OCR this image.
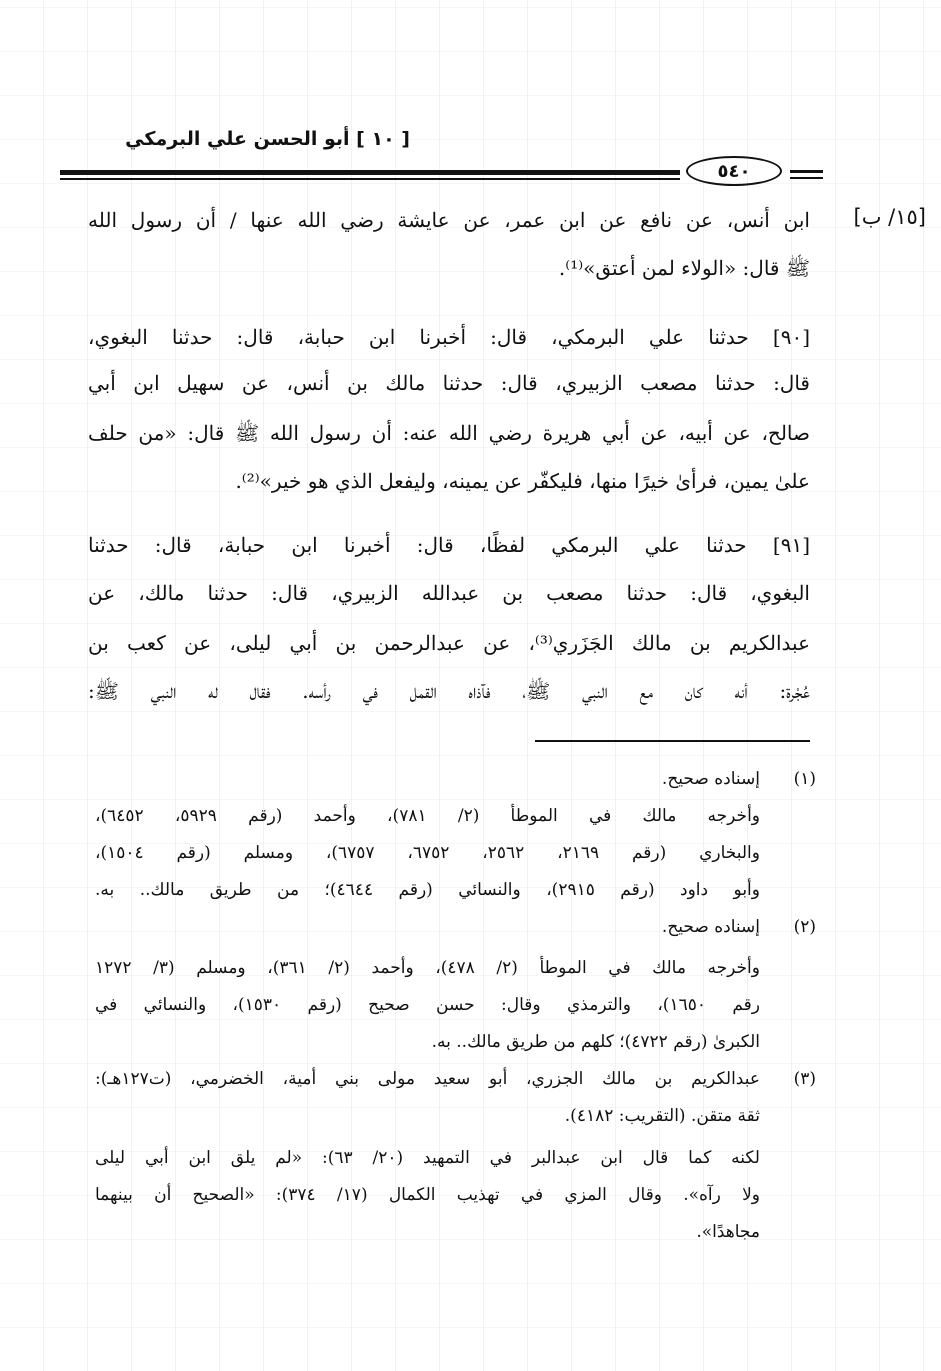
[ ١٠ ] أبو الحسن علي البرمكي
٥٤٠
[١٥/ ب]
ابن أنس، عن نافع عن ابن عمر، عن عايشة رضي الله عنها / أن رسول الله
ﷺ قال: «الولاء لمن أعتق»⁽¹⁾.
[٩٠] حدثنا علي البرمكي، قال: أخبرنا ابن حبابة، قال: حدثنا البغوي،
قال: حدثنا مصعب الزبيري، قال: حدثنا مالك بن أنس، عن سهيل ابن أبي
صالح، عن أبيه، عن أبي هريرة رضي الله عنه: أن رسول الله ﷺ قال: «من حلف
علىٰ يمين، فرأىٰ خيرًا منها، فليكفّر عن يمينه، وليفعل الذي هو خير»⁽²⁾.
[٩١] حدثنا علي البرمكي لفظًا، قال: أخبرنا ابن حبابة، قال: حدثنا
البغوي، قال: حدثنا مصعب بن عبدالله الزبيري، قال: حدثنا مالك، عن
عبدالكريم بن مالك الجَزَري⁽³⁾، عن عبدالرحمن بن أبي ليلى، عن كعب بن
عُجْرة: أنه كان مع النبي ﷺ، فآذاه القمل في رأسه. فقال له النبي ﷺ:
(١)
إسناده صحيح.
وأخرجه مالك في الموطأ (٢/ ٧٨١)، وأحمد (رقم ٥٩٢٩، ٦٤٥٢)،
والبخاري (رقم ٢١٦٩، ٢٥٦٢، ٦٧٥٢، ٦٧٥٧)، ومسلم (رقم ١٥٠٤)،
وأبو داود (رقم ٢٩١٥)، والنسائي (رقم ٤٦٤٤)؛ من طريق مالك.. به.
(٢)
إسناده صحيح.
وأخرجه مالك في الموطأ (٢/ ٤٧٨)، وأحمد (٢/ ٣٦١)، ومسلم (٣/ ١٢٧٢
رقم ١٦٥٠)، والترمذي وقال: حسن صحيح (رقم ١٥٣٠)، والنسائي في
الكبرىٰ (رقم ٤٧٢٢)؛ كلهم من طريق مالك.. به.
(٣)
عبدالكريم بن مالك الجزري، أبو سعيد مولى بني أمية، الخضرمي، (ت١٢٧هـ):
ثقة متقن. (التقريب: ٤١٨٢).
لكنه كما قال ابن عبدالبر في التمهيد (٢٠/ ٦٣): «لم يلق ابن أبي ليلى
ولا رآه». وقال المزي في تهذيب الكمال (١٧/ ٣٧٤): «الصحيح أن بينهما
مجاهدًا».
